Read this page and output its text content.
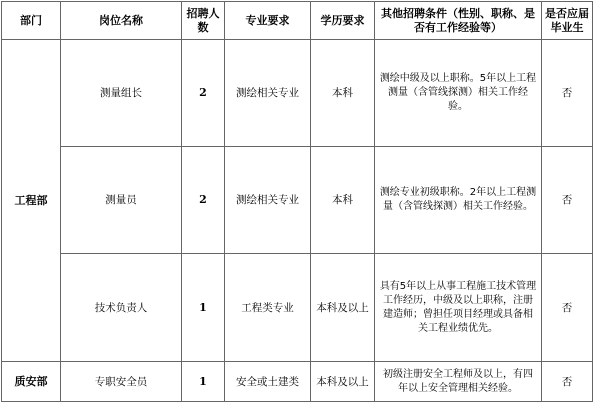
部门	岗位名称	招聘人数	专业要求	学历要求	其他招聘条件（性别、职称、是否有工作经验等）	是否应届毕业生
工程部	测量组长	2	测绘相关专业	本科	测绘中级及以上职称。5年以上工程测量（含管线探测）相关工作经验。	否
	测量员	2	测绘相关专业	本科	测绘专业初级职称。2年以上工程测量（含管线探测）相关工作经验。	否
	技术负责人	1	工程类专业	本科及以上	具有5年以上从事工程施工技术管理工作经历，中级及以上职称，注册建造师；曾担任项目经理或具备相关工程业绩优先。	否
质安部	专职安全员	1	安全或土建类	本科及以上	初级注册安全工程师及以上，有四年以上安全管理相关经验。	否
